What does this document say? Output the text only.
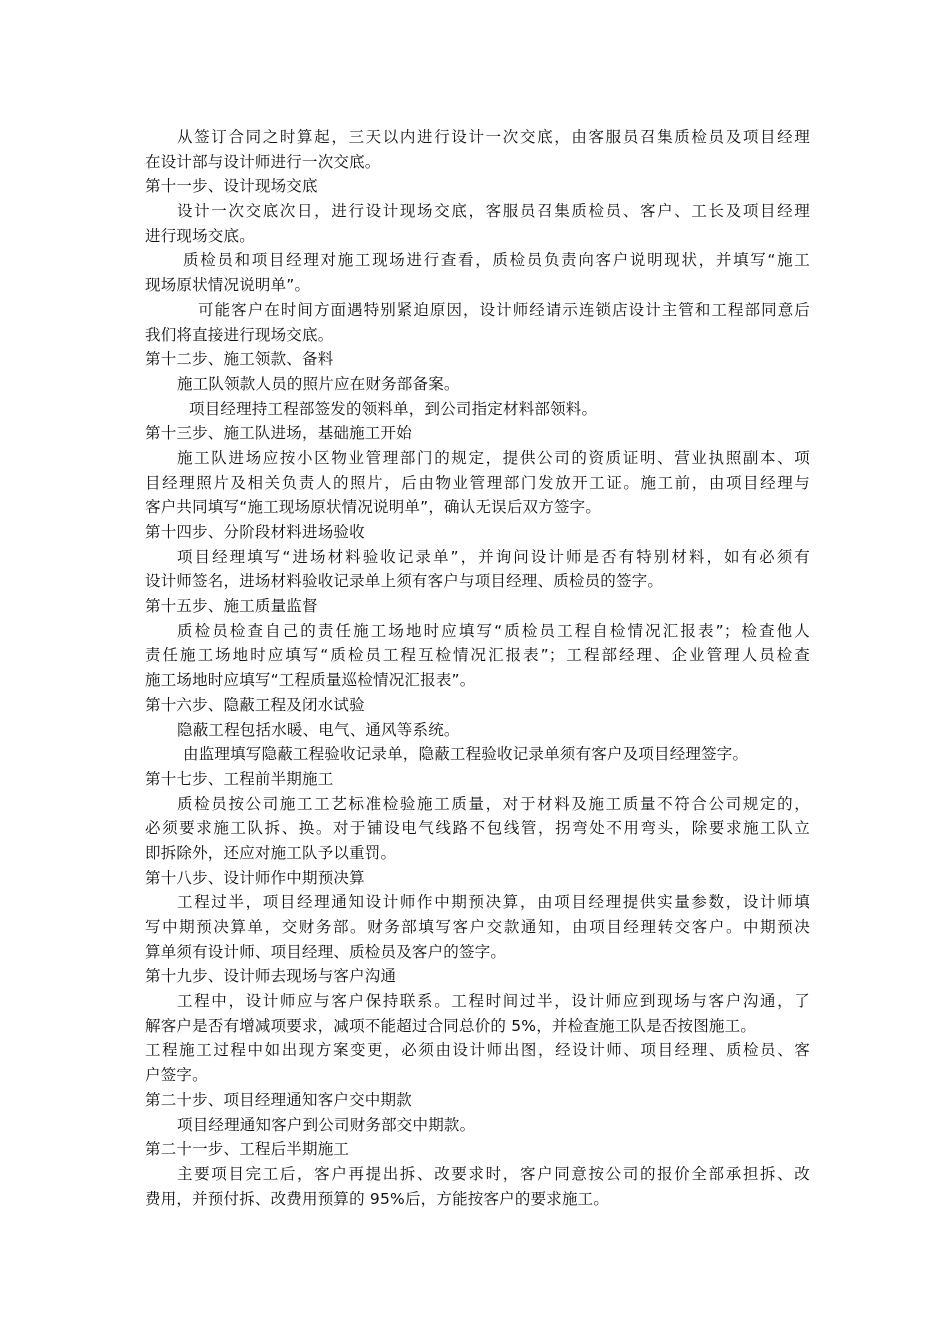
从签订合同之时算起，三天以内进行设计一次交底，由客服员召集质检员及项目经理
在设计部与设计师进行一次交底。
第十一步、设计现场交底
设计一次交底次日，进行设计现场交底，客服员召集质检员、客户、工长及项目经理
进行现场交底。
质检员和项目经理对施工现场进行查看，质检员负责向客户说明现状，并填写“施工
现场原状情况说明单”。
可能客户在时间方面遇特别紧迫原因，设计师经请示连锁店设计主管和工程部同意后
我们将直接进行现场交底。
第十二步、施工领款、备料
施工队领款人员的照片应在财务部备案。
项目经理持工程部签发的领料单，到公司指定材料部领料。
第十三步、施工队进场，基础施工开始
施工队进场应按小区物业管理部门的规定，提供公司的资质证明、营业执照副本、项
目经理照片及相关负责人的照片，后由物业管理部门发放开工证。施工前，由项目经理与
客户共同填写“施工现场原状情况说明单”，确认无误后双方签字。
第十四步、分阶段材料进场验收
项目经理填写“进场材料验收记录单”，并询问设计师是否有特别材料，如有必须有
设计师签名，进场材料验收记录单上须有客户与项目经理、质检员的签字。
第十五步、施工质量监督
质检员检查自己的责任施工场地时应填写“质检员工程自检情况汇报表”；检查他人
责任施工场地时应填写“质检员工程互检情况汇报表”；工程部经理、企业管理人员检查
施工场地时应填写“工程质量巡检情况汇报表”。
第十六步、隐蔽工程及闭水试验
隐蔽工程包括水暖、电气、通风等系统。
由监理填写隐蔽工程验收记录单，隐蔽工程验收记录单须有客户及项目经理签字。
第十七步、工程前半期施工
质检员按公司施工工艺标准检验施工质量，对于材料及施工质量不符合公司规定的，
必须要求施工队拆、换。对于铺设电气线路不包线管，拐弯处不用弯头，除要求施工队立
即拆除外，还应对施工队予以重罚。
第十八步、设计师作中期预决算
工程过半，项目经理通知设计师作中期预决算，由项目经理提供实量参数，设计师填
写中期预决算单，交财务部。财务部填写客户交款通知，由项目经理转交客户。中期预决
算单须有设计师、项目经理、质检员及客户的签字。
第十九步、设计师去现场与客户沟通
工程中，设计师应与客户保持联系。工程时间过半，设计师应到现场与客户沟通，了
解客户是否有增减项要求，减项不能超过合同总价的 5%，并检查施工队是否按图施工。
工程施工过程中如出现方案变更，必须由设计师出图，经设计师、项目经理、质检员、客
户签字。
第二十步、项目经理通知客户交中期款
项目经理通知客户到公司财务部交中期款。
第二十一步、工程后半期施工
主要项目完工后，客户再提出拆、改要求时，客户同意按公司的报价全部承担拆、改
费用，并预付拆、改费用预算的 95%后，方能按客户的要求施工。
